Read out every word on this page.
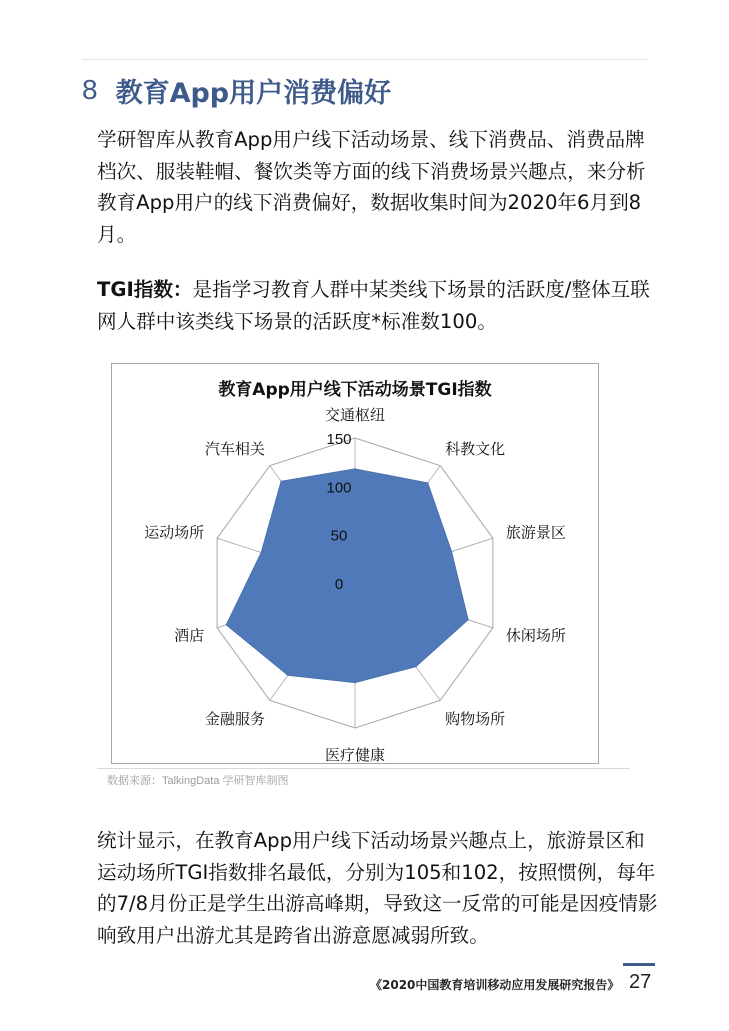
8 教育App用户消费偏好
学研智库从教育App用户线下活动场景、线下消费品、消费品牌档次、服装鞋帽、餐饮类等方面的线下消费场景兴趣点，来分析教育App用户的线下消费偏好，数据收集时间为2020年6月到8月。
TGI指数：是指学习教育人群中某类线下场景的活跃度/整体互联网人群中该类线下场景的活跃度*标准数100。
教育App用户线下活动场景TGI指数
0
50
100
150
交通枢纽
科教文化
旅游景区
休闲场所
购物场所
医疗健康
金融服务
酒店
运动场所
汽车相关
数据来源：TalkingData 学研智库制图
统计显示，在教育App用户线下活动场景兴趣点上，旅游景区和运动场所TGI指数排名最低，分别为105和102，按照惯例，每年的7/8月份正是学生出游高峰期，导致这一反常的可能是因疫情影响致用户出游尤其是跨省出游意愿减弱所致。
《2020中国教育培训移动应用发展研究报告》 27
